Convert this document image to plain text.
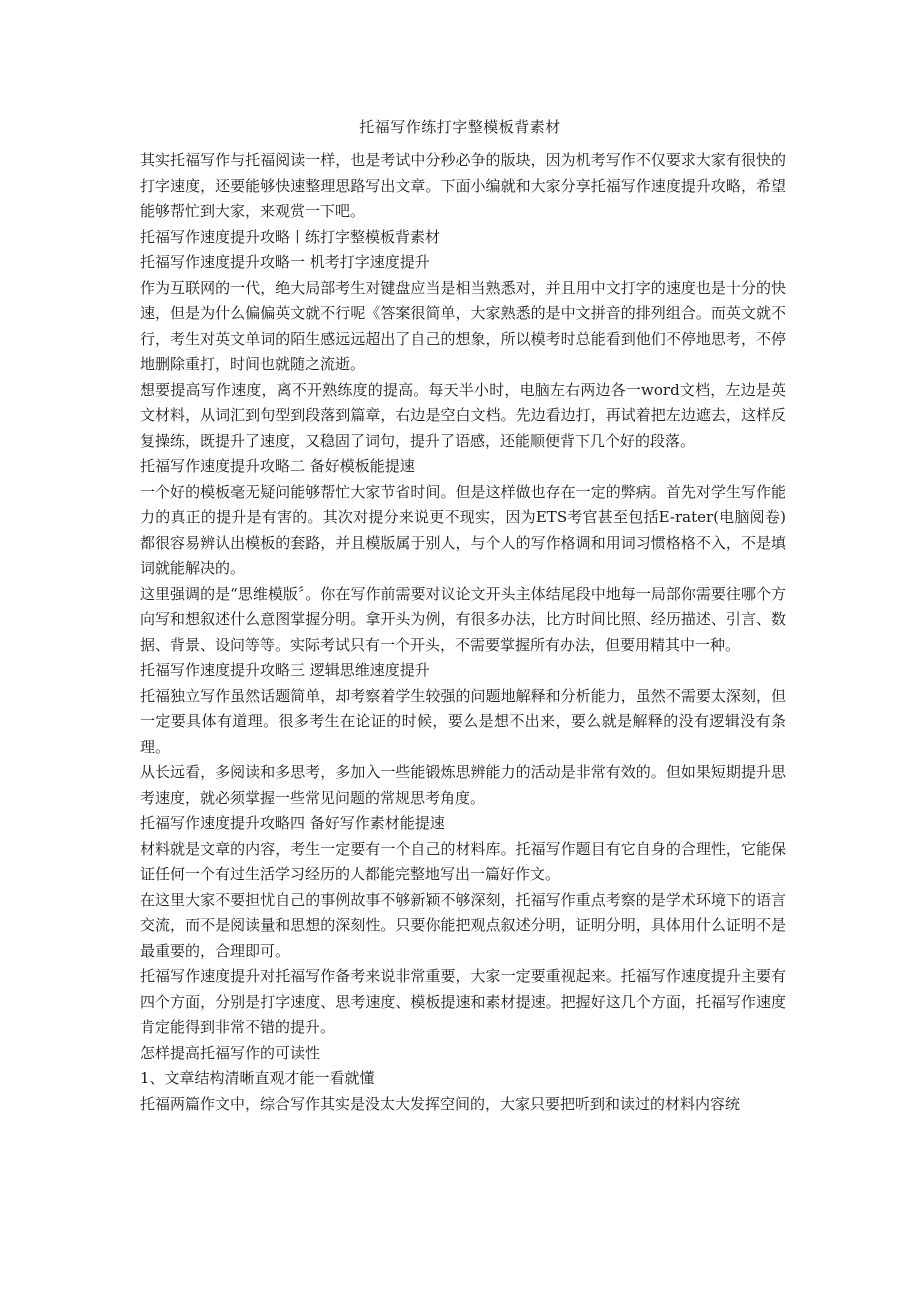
托福写作练打字整模板背素材

其实托福写作与托福阅读一样，也是考试中分秒必争的版块，因为机考写作不仅要求大家有很快的打字速度，还要能够快速整理思路写出文章。下面小编就和大家分享托福写作速度提升攻略，希望能够帮忙到大家，来观赏一下吧。

托福写作速度提升攻略丨练打字整模板背素材

托福写作速度提升攻略一 机考打字速度提升

作为互联网的一代，绝大局部考生对键盘应当是相当熟悉对，并且用中文打字的速度也是十分的快速，但是为什么偏偏英文就不行呢《答案很简单，大家熟悉的是中文拼音的排列组合。而英文就不行，考生对英文单词的陌生感远远超出了自己的想象，所以模考时总能看到他们不停地思考，不停地删除重打，时间也就随之流逝。

想要提高写作速度，离不开熟练度的提高。每天半小时，电脑左右两边各一word文档，左边是英文材料，从词汇到句型到段落到篇章，右边是空白文档。先边看边打，再试着把左边遮去，这样反复操练，既提升了速度，又稳固了词句，提升了语感，还能顺便背下几个好的段落。

托福写作速度提升攻略二 备好模板能提速

一个好的模板毫无疑问能够帮忙大家节省时间。但是这样做也存在一定的弊病。首先对学生写作能力的真正的提升是有害的。其次对提分来说更不现实，因为ETS考官甚至包括E-rater(电脑阅卷)都很容易辨认出模板的套路，并且模版属于别人，与个人的写作格调和用词习惯格格不入，不是填词就能解决的。

这里强调的是“思维模版〞。你在写作前需要对议论文开头主体结尾段中地每一局部你需要往哪个方向写和想叙述什么意图掌握分明。拿开头为例，有很多办法，比方时间比照、经历描述、引言、数据、背景、设问等等。实际考试只有一个开头，不需要掌握所有办法，但要用精其中一种。

托福写作速度提升攻略三 逻辑思维速度提升

托福独立写作虽然话题简单，却考察着学生较强的问题地解释和分析能力，虽然不需要太深刻，但一定要具体有道理。很多考生在论证的时候，要么是想不出来，要么就是解释的没有逻辑没有条理。

从长远看，多阅读和多思考，多加入一些能锻炼思辨能力的活动是非常有效的。但如果短期提升思考速度，就必须掌握一些常见问题的常规思考角度。

托福写作速度提升攻略四 备好写作素材能提速

材料就是文章的内容，考生一定要有一个自己的材料库。托福写作题目有它自身的合理性，它能保证任何一个有过生活学习经历的人都能完整地写出一篇好作文。

在这里大家不要担忧自己的事例故事不够新颖不够深刻，托福写作重点考察的是学术环境下的语言交流，而不是阅读量和思想的深刻性。只要你能把观点叙述分明，证明分明，具体用什么证明不是最重要的，合理即可。

托福写作速度提升对托福写作备考来说非常重要，大家一定要重视起来。托福写作速度提升主要有四个方面，分别是打字速度、思考速度、模板提速和素材提速。把握好这几个方面，托福写作速度肯定能得到非常不错的提升。

怎样提高托福写作的可读性

1、文章结构清晰直观才能一看就懂

托福两篇作文中，综合写作其实是没太大发挥空间的，大家只要把听到和读过的材料内容统
